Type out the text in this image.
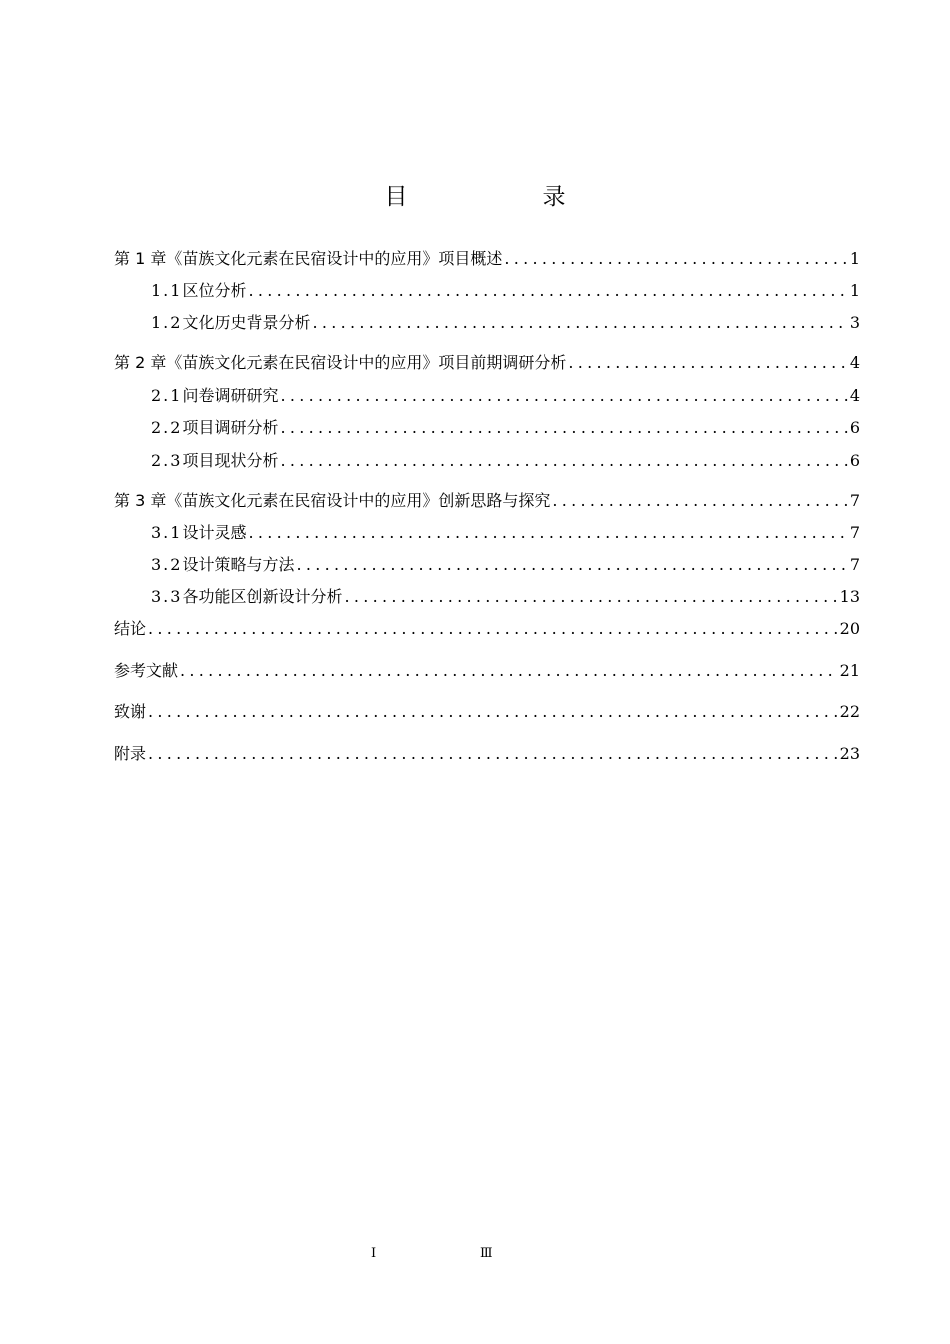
目　录
第 1 章 《苗族文化元素在民宿设计中的应用》项目概述 .....	1
1.1 区位分析 .....	1
1.2 文化历史背景分析 .....	3
第 2 章 《苗族文化元素在民宿设计中的应用》项目前期调研分析 .....	4
2.1 问卷调研研究 .....	4
2.2 项目调研分析 .....	6
2.3 项目现状分析 .....	6
第 3 章 《苗族文化元素在民宿设计中的应用》创新思路与探究 .....	7
3.1 设计灵感 .....	7
3.2 设计策略与方法 .....	7
3.3 各功能区创新设计分析 .....	13
结论 .....	20
参考文献 .....	21
致谢 .....	22
附录 .....	23
I	Ⅲ
